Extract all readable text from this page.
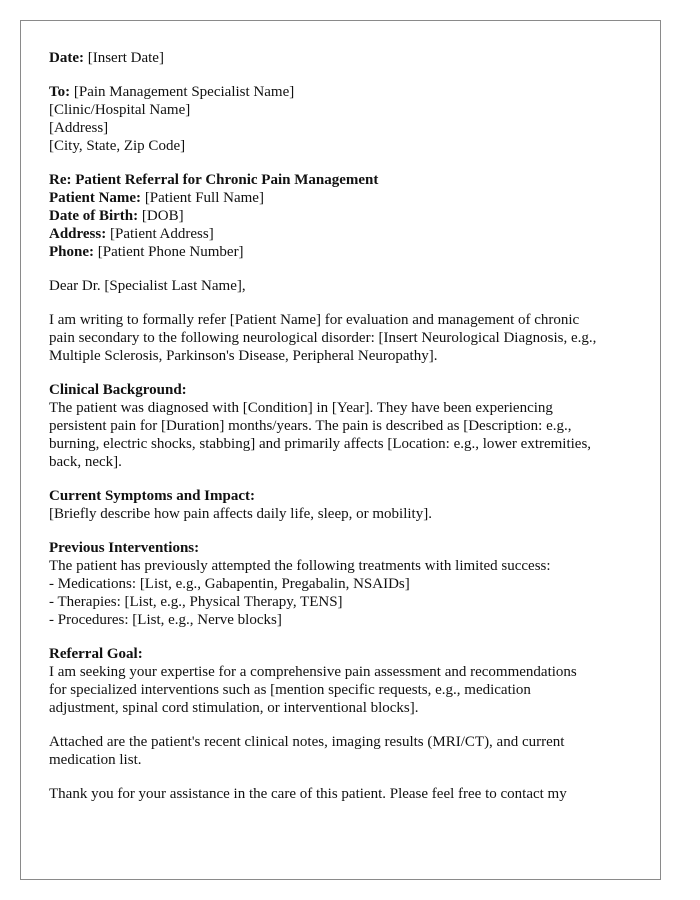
Date: [Insert Date]
To: [Pain Management Specialist Name]
[Clinic/Hospital Name]
[Address]
[City, State, Zip Code]
Re: Patient Referral for Chronic Pain Management
Patient Name: [Patient Full Name]
Date of Birth: [DOB]
Address: [Patient Address]
Phone: [Patient Phone Number]
Dear Dr. [Specialist Last Name],
I am writing to formally refer [Patient Name] for evaluation and management of chronic
pain secondary to the following neurological disorder: [Insert Neurological Diagnosis, e.g.,
Multiple Sclerosis, Parkinson's Disease, Peripheral Neuropathy].
Clinical Background:
The patient was diagnosed with [Condition] in [Year]. They have been experiencing
persistent pain for [Duration] months/years. The pain is described as [Description: e.g.,
burning, electric shocks, stabbing] and primarily affects [Location: e.g., lower extremities,
back, neck].
Current Symptoms and Impact:
[Briefly describe how pain affects daily life, sleep, or mobility].
Previous Interventions:
The patient has previously attempted the following treatments with limited success:
- Medications: [List, e.g., Gabapentin, Pregabalin, NSAIDs]
- Therapies: [List, e.g., Physical Therapy, TENS]
- Procedures: [List, e.g., Nerve blocks]
Referral Goal:
I am seeking your expertise for a comprehensive pain assessment and recommendations
for specialized interventions such as [mention specific requests, e.g., medication
adjustment, spinal cord stimulation, or interventional blocks].
Attached are the patient's recent clinical notes, imaging results (MRI/CT), and current
medication list.
Thank you for your assistance in the care of this patient. Please feel free to contact my
